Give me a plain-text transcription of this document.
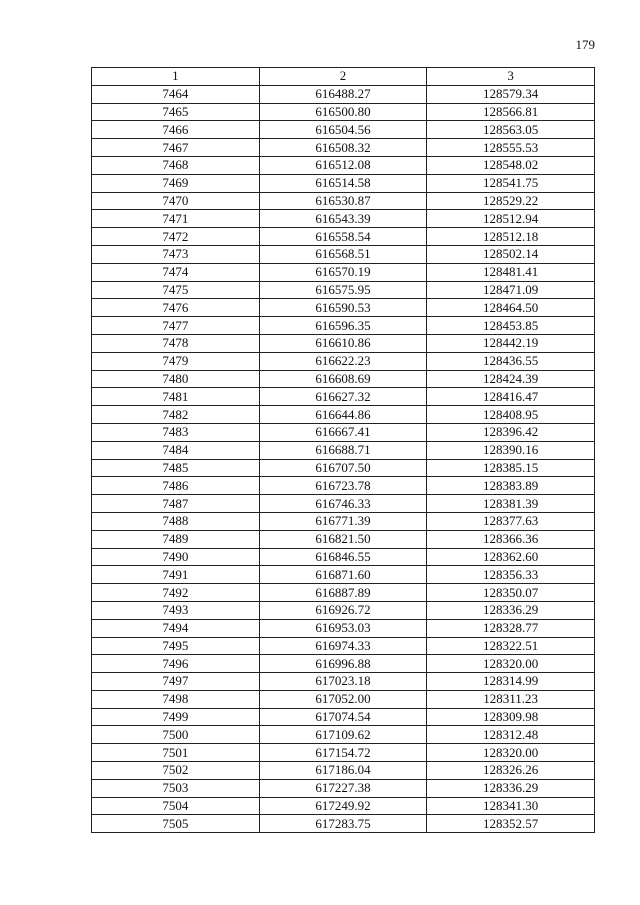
179
1	2	3
7464	616488.27	128579.34
7465	616500.80	128566.81
7466	616504.56	128563.05
7467	616508.32	128555.53
7468	616512.08	128548.02
7469	616514.58	128541.75
7470	616530.87	128529.22
7471	616543.39	128512.94
7472	616558.54	128512.18
7473	616568.51	128502.14
7474	616570.19	128481.41
7475	616575.95	128471.09
7476	616590.53	128464.50
7477	616596.35	128453.85
7478	616610.86	128442.19
7479	616622.23	128436.55
7480	616608.69	128424.39
7481	616627.32	128416.47
7482	616644.86	128408.95
7483	616667.41	128396.42
7484	616688.71	128390.16
7485	616707.50	128385.15
7486	616723.78	128383.89
7487	616746.33	128381.39
7488	616771.39	128377.63
7489	616821.50	128366.36
7490	616846.55	128362.60
7491	616871.60	128356.33
7492	616887.89	128350.07
7493	616926.72	128336.29
7494	616953.03	128328.77
7495	616974.33	128322.51
7496	616996.88	128320.00
7497	617023.18	128314.99
7498	617052.00	128311.23
7499	617074.54	128309.98
7500	617109.62	128312.48
7501	617154.72	128320.00
7502	617186.04	128326.26
7503	617227.38	128336.29
7504	617249.92	128341.30
7505	617283.75	128352.57
